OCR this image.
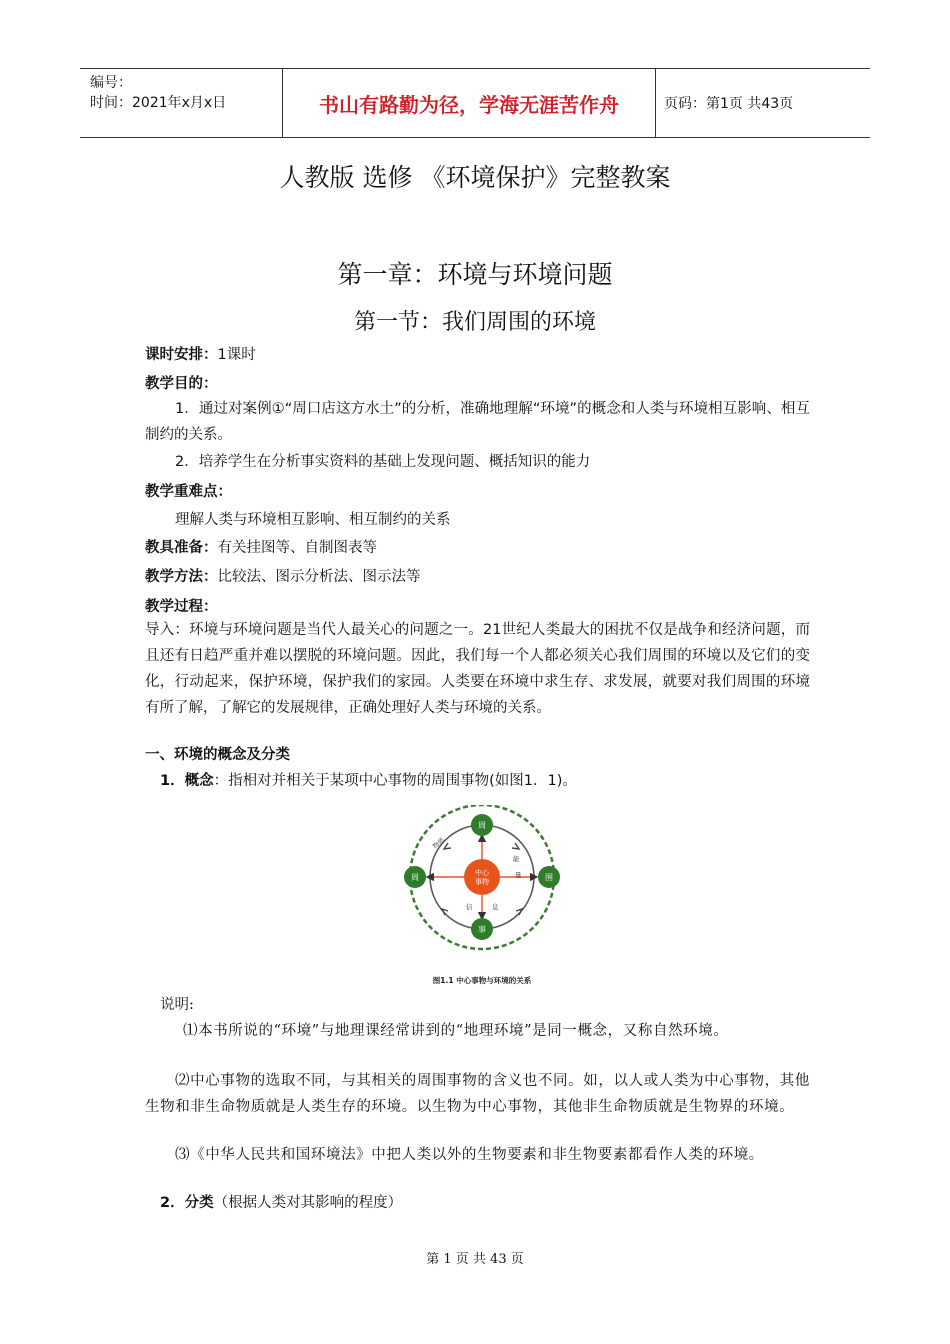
编号：
时间：2021年x月x日	书山有路勤为径，学海无涯苦作舟	页码：第1页 共43页
人教版 选修 《环境保护》完整教案
第一章：环境与环境问题
第一节：我们周围的环境
课时安排：1课时
教学目的：
1．通过对案例①“周口店这方水土”的分析，准确地理解“环境”的概念和人类与环境相互影响、相互制约的关系。
2．培养学生在分析事实资料的基础上发现问题、概括知识的能力
教学重难点：
理解人类与环境相互影响、相互制约的关系
教具准备：有关挂图等、自制图表等
教学方法：比较法、图示分析法、图示法等
教学过程：
导入：环境与环境问题是当代人最关心的问题之一。21世纪人类最大的困扰不仅是战争和经济问题，而且还有日趋严重并难以摆脱的环境问题。因此，我们每一个人都必须关心我们周围的环境以及它们的变化，行动起来，保护环境，保护我们的家园。人类要在环境中求生存、求发展，就要对我们周围的环境有所了解，了解它的发展规律，正确处理好人类与环境的关系。
一、环境的概念及分类
1．概念：指相对并相关于某项中心事物的周围事物(如图1．1)。
中心事物
周
周	围
事
物质
能量
信	息
图1.1 中心事物与环境的关系
说明:
⑴本书所说的“环境”与地理课经常讲到的“地理环境”是同一概念，又称自然环境。
⑵中心事物的选取不同，与其相关的周围事物的含义也不同。如，以人或人类为中心事物，其他生物和非生命物质就是人类生存的环境。以生物为中心事物，其他非生命物质就是生物界的环境。
⑶《中华人民共和国环境法》中把人类以外的生物要素和非生物要素都看作人类的环境。
2．分类（根据人类对其影响的程度）
第 1 页 共 43 页
